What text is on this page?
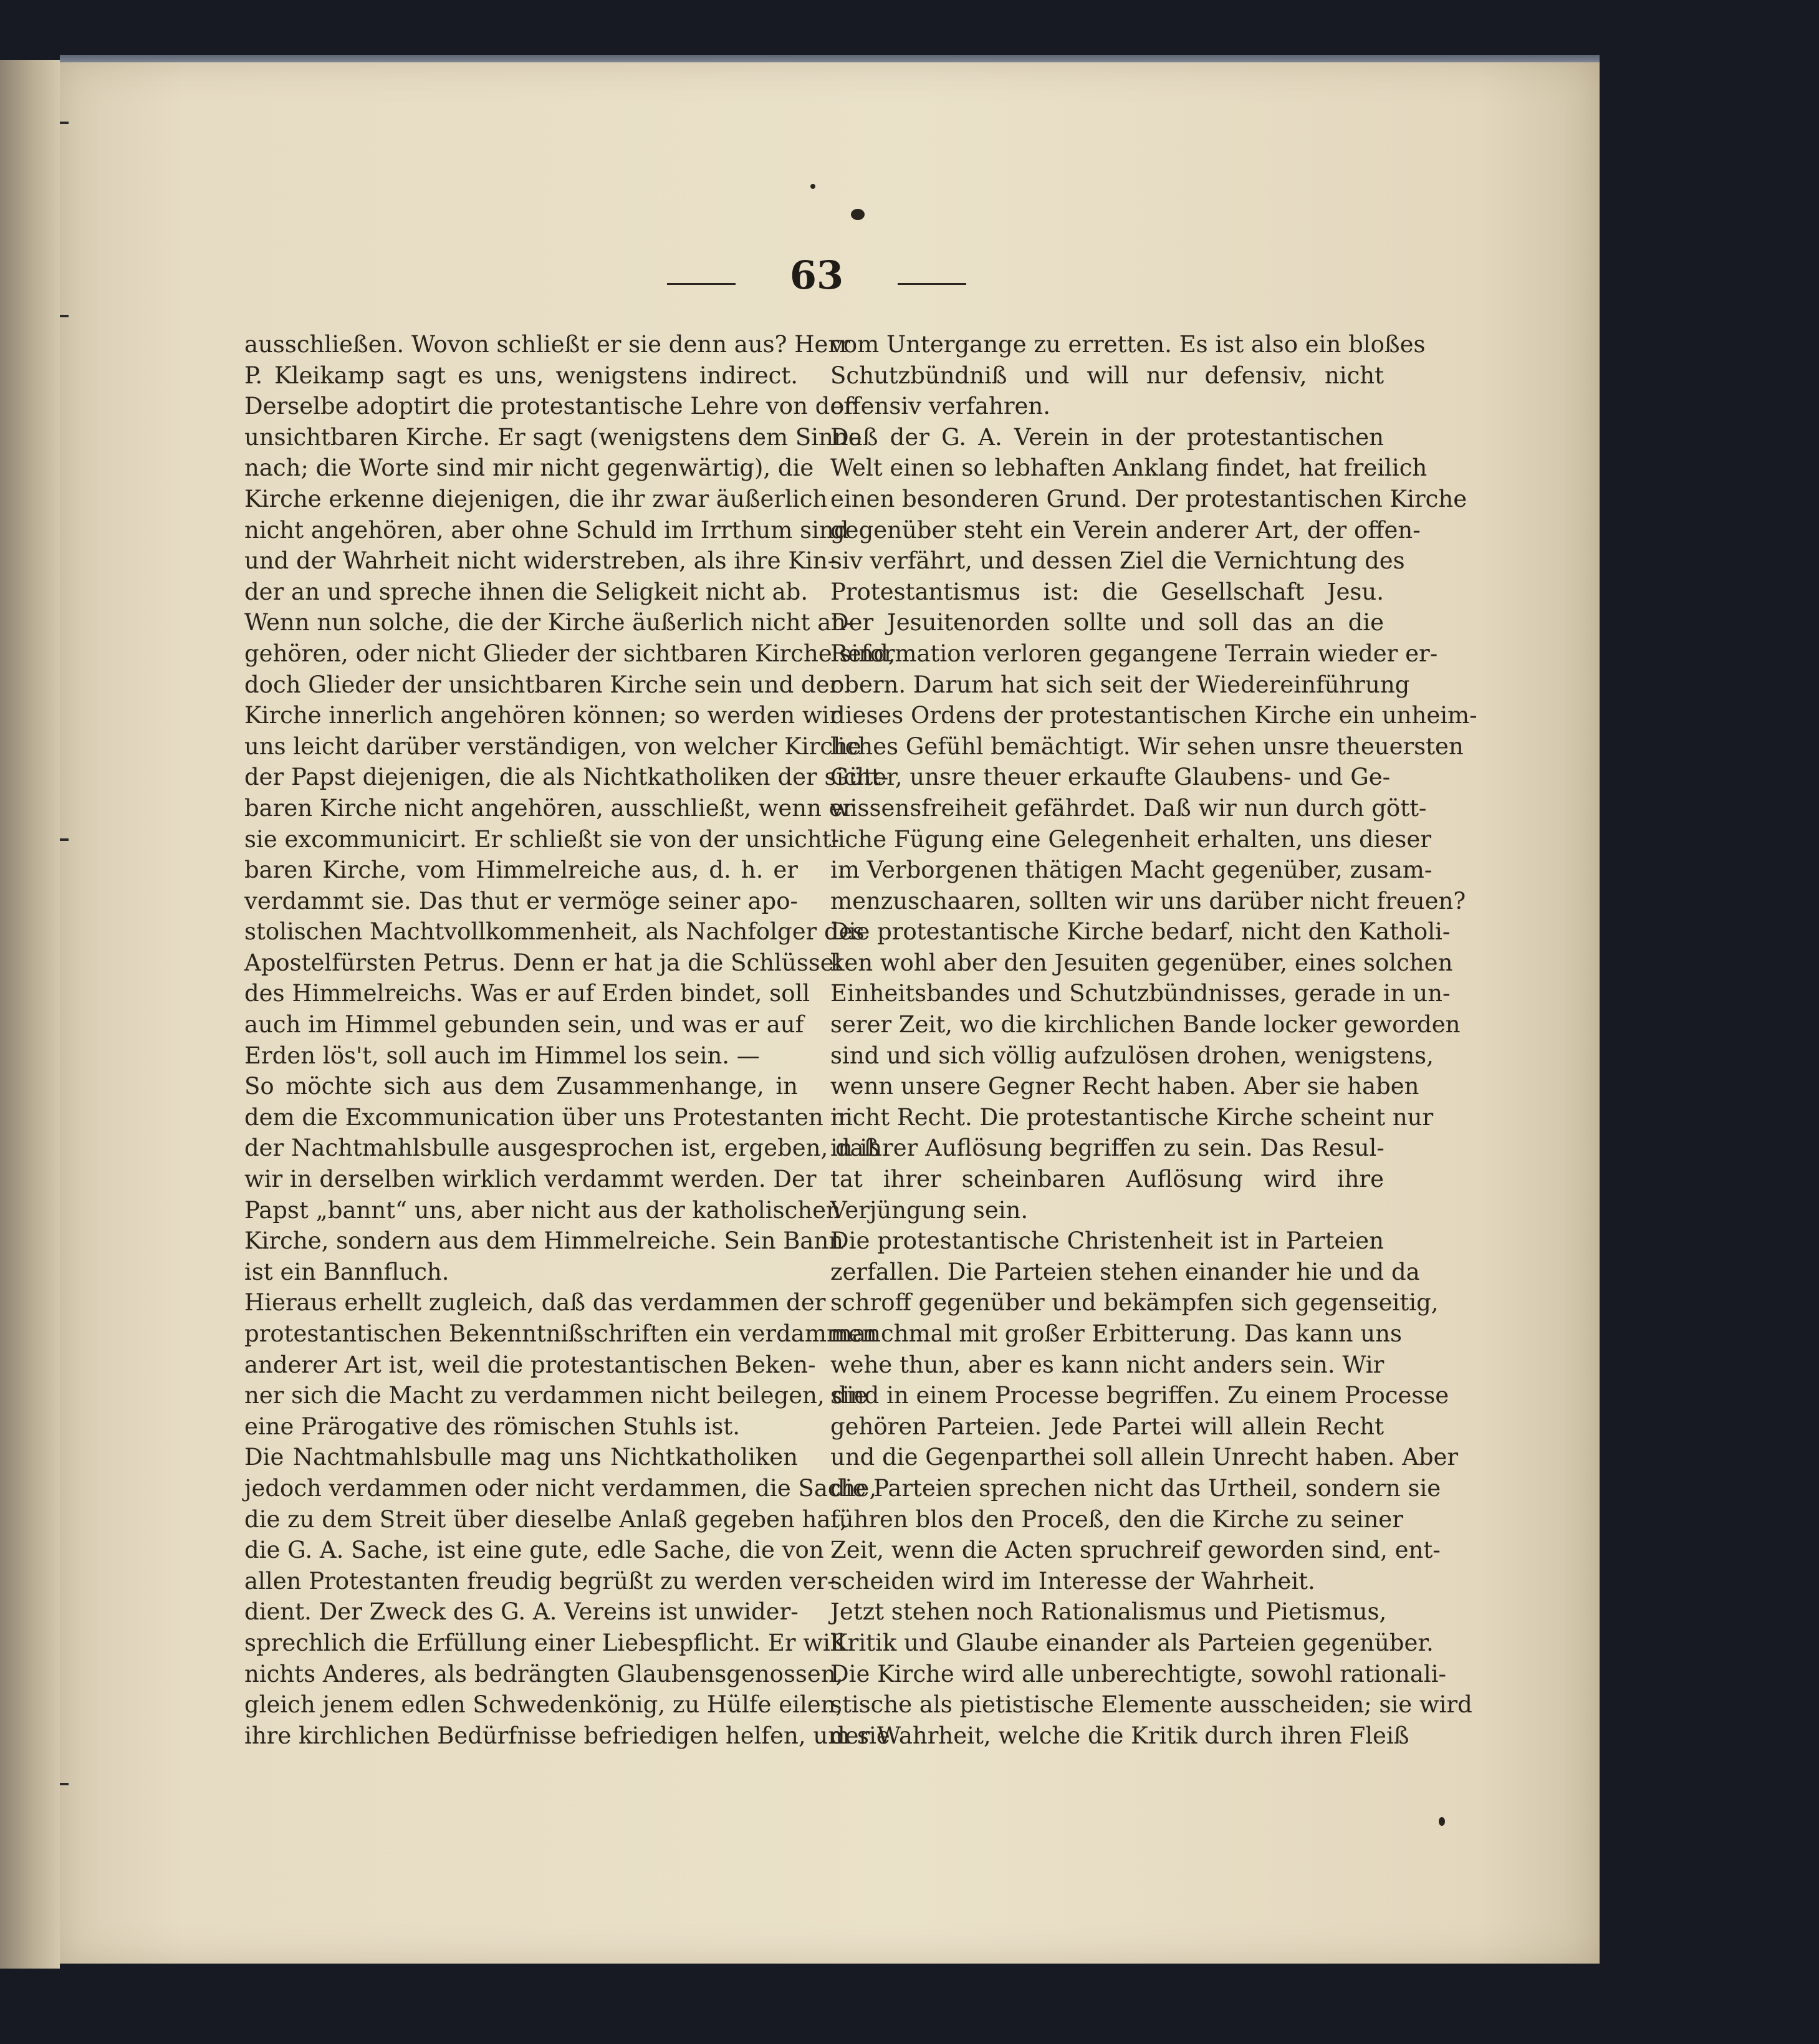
63
ausschließen. Wovon schließt er sie denn aus? Herr
P. Kleikamp sagt es uns, wenigstens indirect.
Derselbe adoptirt die protestantische Lehre von der
unsichtbaren Kirche. Er sagt (wenigstens dem Sinne
nach; die Worte sind mir nicht gegenwärtig), die
Kirche erkenne diejenigen, die ihr zwar äußerlich
nicht angehören, aber ohne Schuld im Irrthum sind
und der Wahrheit nicht widerstreben, als ihre Kin-
der an und spreche ihnen die Seligkeit nicht ab.
Wenn nun solche, die der Kirche äußerlich nicht an-
gehören, oder nicht Glieder der sichtbaren Kirche sind,
doch Glieder der unsichtbaren Kirche sein und der
Kirche innerlich angehören können; so werden wir
uns leicht darüber verständigen, von welcher Kirche
der Papst diejenigen, die als Nichtkatholiken der sicht-
baren Kirche nicht angehören, ausschließt, wenn er
sie excommunicirt. Er schließt sie von der unsicht-
baren Kirche, vom Himmelreiche aus, d. h. er
verdammt sie. Das thut er vermöge seiner apo-
stolischen Machtvollkommenheit, als Nachfolger des
Apostelfürsten Petrus. Denn er hat ja die Schlüssel
des Himmelreichs. Was er auf Erden bindet, soll
auch im Himmel gebunden sein, und was er auf
Erden lös't, soll auch im Himmel los sein. —
So möchte sich aus dem Zusammenhange, in
dem die Excommunication über uns Protestanten in
der Nachtmahlsbulle ausgesprochen ist, ergeben, daß
wir in derselben wirklich verdammt werden. Der
Papst „bannt“ uns, aber nicht aus der katholischen
Kirche, sondern aus dem Himmelreiche. Sein Bann
ist ein Bannfluch.
Hieraus erhellt zugleich, daß das verdammen der
protestantischen Bekenntnißschriften ein verdammen
anderer Art ist, weil die protestantischen Beken-
ner sich die Macht zu verdammen nicht beilegen, die
eine Prärogative des römischen Stuhls ist.
Die Nachtmahlsbulle mag uns Nichtkatholiken
jedoch verdammen oder nicht verdammen, die Sache,
die zu dem Streit über dieselbe Anlaß gegeben hat,
die G. A. Sache, ist eine gute, edle Sache, die von
allen Protestanten freudig begrüßt zu werden ver-
dient. Der Zweck des G. A. Vereins ist unwider-
sprechlich die Erfüllung einer Liebespflicht. Er will
nichts Anderes, als bedrängten Glaubensgenossen,
gleich jenem edlen Schwedenkönig, zu Hülfe eilen,
ihre kirchlichen Bedürfnisse befriedigen helfen, um sie
vom Untergange zu erretten. Es ist also ein bloßes
Schutzbündniß und will nur defensiv, nicht
offensiv verfahren.
Daß der G. A. Verein in der protestantischen
Welt einen so lebhaften Anklang findet, hat freilich
einen besonderen Grund. Der protestantischen Kirche
gegenüber steht ein Verein anderer Art, der offen-
siv verfährt, und dessen Ziel die Vernichtung des
Protestantismus ist: die Gesellschaft Jesu.
Der Jesuitenorden sollte und soll das an die
Reformation verloren gegangene Terrain wieder er-
obern. Darum hat sich seit der Wiedereinführung
dieses Ordens der protestantischen Kirche ein unheim-
liches Gefühl bemächtigt. Wir sehen unsre theuersten
Güter, unsre theuer erkaufte Glaubens- und Ge-
wissensfreiheit gefährdet. Daß wir nun durch gött-
liche Fügung eine Gelegenheit erhalten, uns dieser
im Verborgenen thätigen Macht gegenüber, zusam-
menzuschaaren, sollten wir uns darüber nicht freuen?
Die protestantische Kirche bedarf, nicht den Katholi-
ken wohl aber den Jesuiten gegenüber, eines solchen
Einheitsbandes und Schutzbündnisses, gerade in un-
serer Zeit, wo die kirchlichen Bande locker geworden
sind und sich völlig aufzulösen drohen, wenigstens,
wenn unsere Gegner Recht haben. Aber sie haben
nicht Recht. Die protestantische Kirche scheint nur
in ihrer Auflösung begriffen zu sein. Das Resul-
tat ihrer scheinbaren Auflösung wird ihre
Verjüngung sein.
Die protestantische Christenheit ist in Parteien
zerfallen. Die Parteien stehen einander hie und da
schroff gegenüber und bekämpfen sich gegenseitig,
manchmal mit großer Erbitterung. Das kann uns
wehe thun, aber es kann nicht anders sein. Wir
sind in einem Processe begriffen. Zu einem Processe
gehören Parteien. Jede Partei will allein Recht
und die Gegenparthei soll allein Unrecht haben. Aber
die Parteien sprechen nicht das Urtheil, sondern sie
führen blos den Proceß, den die Kirche zu seiner
Zeit, wenn die Acten spruchreif geworden sind, ent-
scheiden wird im Interesse der Wahrheit.
Jetzt stehen noch Rationalismus und Pietismus,
Kritik und Glaube einander als Parteien gegenüber.
Die Kirche wird alle unberechtigte, sowohl rationali-
stische als pietistische Elemente ausscheiden; sie wird
der Wahrheit, welche die Kritik durch ihren Fleiß
